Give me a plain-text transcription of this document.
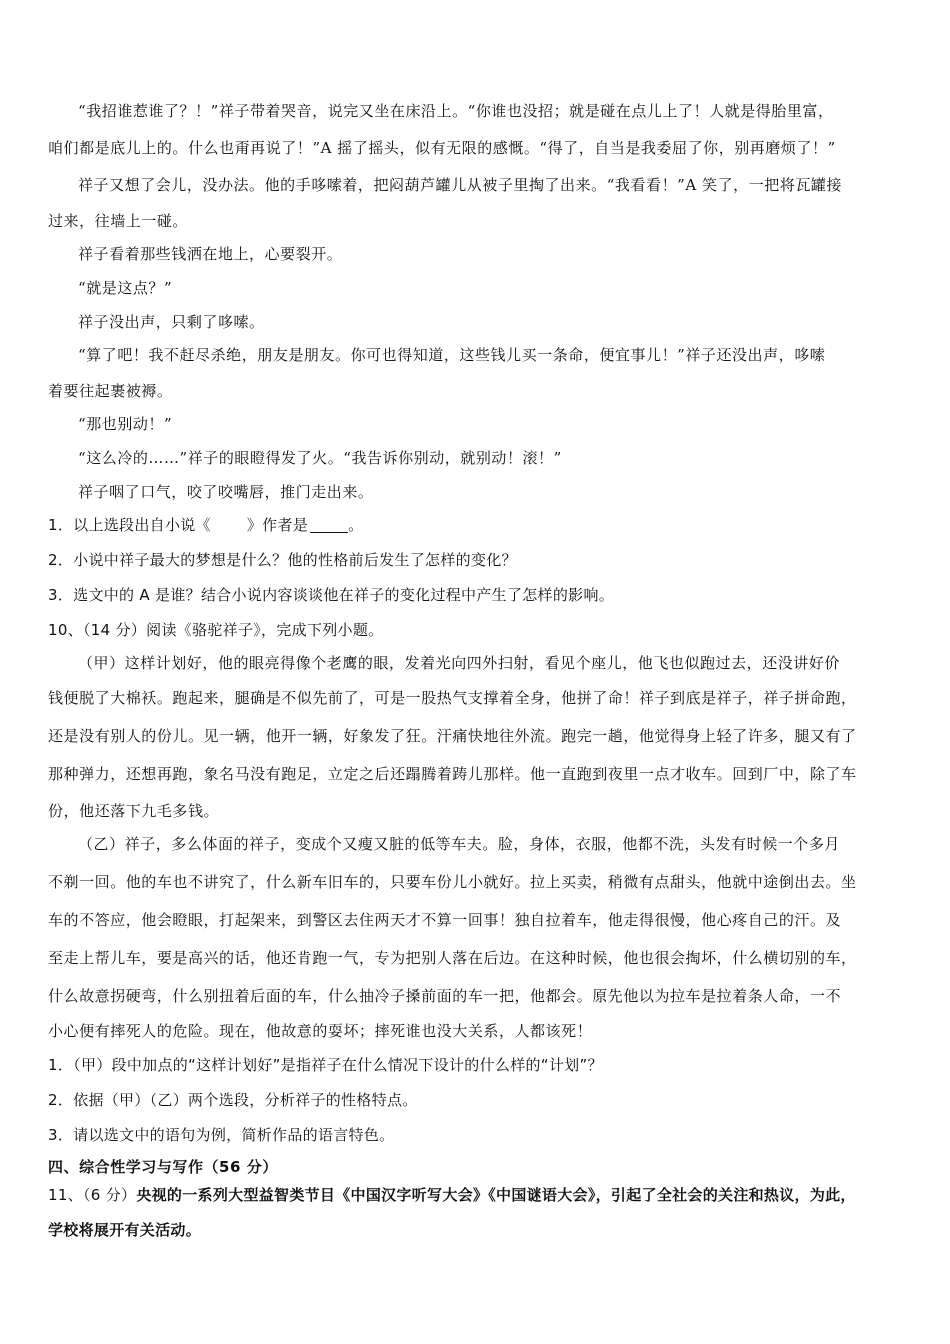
“我招谁惹谁了？！”祥子带着哭音，说完又坐在床沿上。“你谁也没招；就是碰在点儿上了！人就是得胎里富，
咱们都是底儿上的。什么也甭再说了！”A 摇了摇头，似有无限的感慨。“得了，自当是我委屈了你，别再磨烦了！”
祥子又想了会儿，没办法。他的手哆嗦着，把闷葫芦罐儿从被子里掏了出来。“我看看！”A 笑了，一把将瓦罐接
过来，往墙上一碰。
祥子看着那些钱洒在地上，心要裂开。
“就是这点？”
祥子没出声，只剩了哆嗦。
“算了吧！我不赶尽杀绝，朋友是朋友。你可也得知道，这些钱儿买一条命，便宜事儿！”祥子还没出声，哆嗦
着要往起裹被褥。
“那也别动！”
“这么冷的……”祥子的眼瞪得发了火。“我告诉你别动，就别动！滚！”
祥子咽了口气，咬了咬嘴唇，推门走出来。
1．以上选段出自小说《 》作者是	。
2．小说中祥子最大的梦想是什么？他的性格前后发生了怎样的变化？
3．选文中的 A 是谁？结合小说内容谈谈他在祥子的变化过程中产生了怎样的影响。
10、（14 分）阅读《骆驼祥子》，完成下列小题。
（甲）这样计划好，他的眼亮得像个老鹰的眼，发着光向四外扫射，看见个座儿，他飞也似跑过去，还没讲好价
钱便脱了大棉袄。跑起来，腿确是不似先前了，可是一股热气支撑着全身，他拼了命！祥子到底是祥子，祥子拼命跑，
还是没有别人的份儿。见一辆，他开一辆，好象发了狂。汗痛快地往外流。跑完一趟，他觉得身上轻了许多，腿又有了
那种弹力，还想再跑，象名马没有跑足，立定之后还蹋腾着踌儿那样。他一直跑到夜里一点才收车。回到厂中，除了车
份，他还落下九毛多钱。
（乙）祥子，多么体面的祥子，变成个又瘦又脏的低等车夫。脸，身体，衣服，他都不洗，头发有时候一个多月
不剃一回。他的车也不讲究了，什么新车旧车的，只要车份儿小就好。拉上买卖，稍微有点甜头，他就中途倒出去。坐
车的不答应，他会瞪眼，打起架来，到警区去住两天才不算一回事！独自拉着车，他走得很慢，他心疼自己的汗。及
至走上帮儿车，要是高兴的话，他还肯跑一气，专为把别人落在后边。在这种时候，他也很会掏坏，什么横切别的车，
什么故意拐硬弯，什么别扭着后面的车，什么抽冷子搡前面的车一把，他都会。原先他以为拉车是拉着条人命，一不
小心便有摔死人的危险。现在，他故意的耍坏；摔死谁也没大关系，人都该死！
1．（甲）段中加点的“这样计划好”是指祥子在什么情况下设计的什么样的“计划”？
2．依据（甲）（乙）两个选段，分析祥子的性格特点。
3．请以选文中的语句为例，简析作品的语言特色。
四、综合性学习与写作（56 分）
11、（6 分）央视的一系列大型益智类节目《中国汉字听写大会》《中国谜语大会》，引起了全社会的关注和热议，为此，
学校将展开有关活动。
